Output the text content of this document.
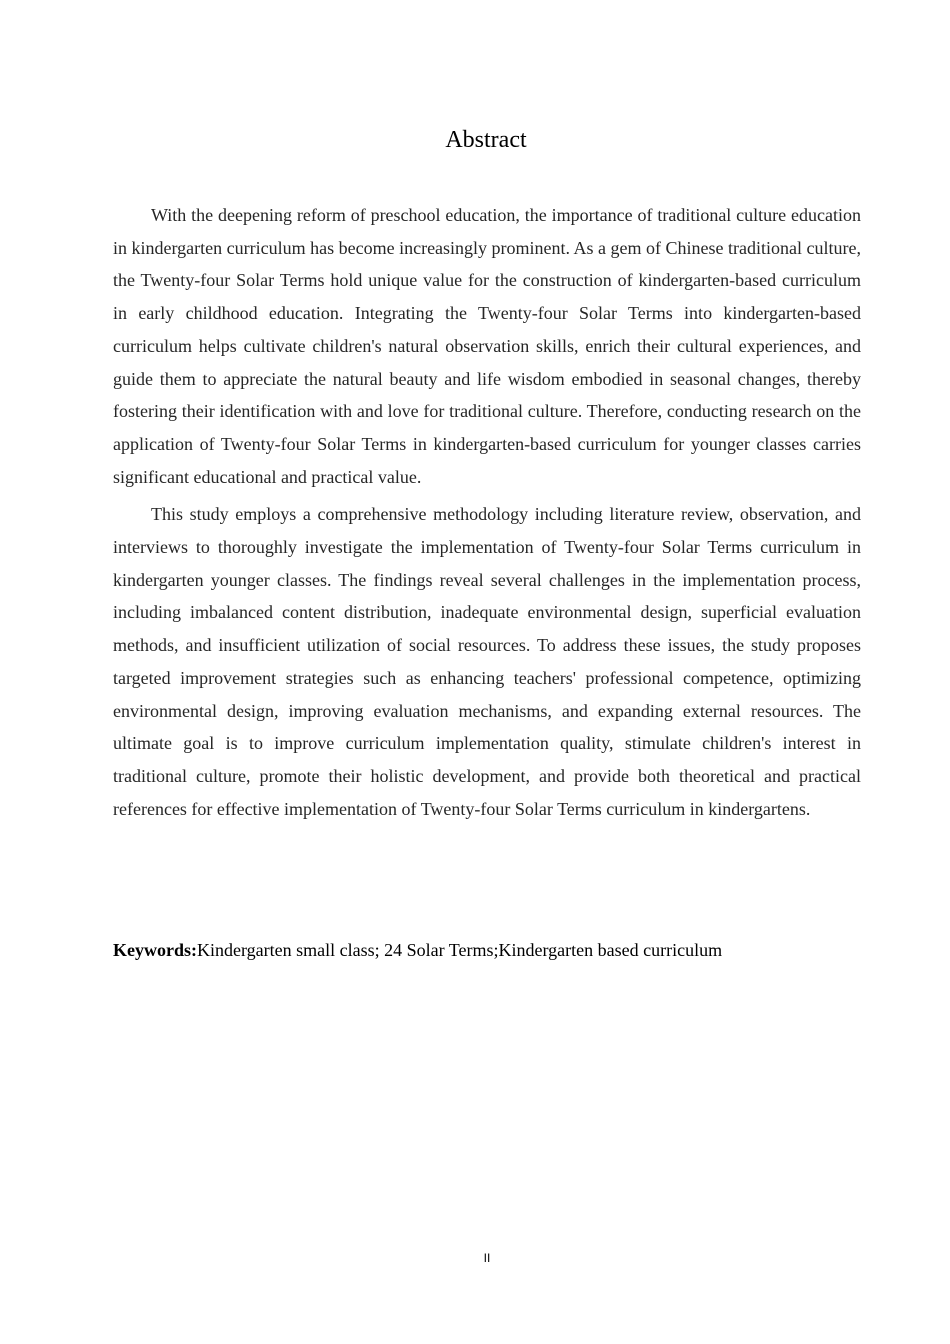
Abstract

With the deepening reform of preschool education, the importance of traditional culture education in kindergarten curriculum has become increasingly prominent. As a gem of Chinese traditional culture, the Twenty-four Solar Terms hold unique value for the construction of kindergarten-based curriculum in early childhood education. Integrating the Twenty-four Solar Terms into kindergarten-based curriculum helps cultivate children's natural observation skills, enrich their cultural experiences, and guide them to appreciate the natural beauty and life wisdom embodied in seasonal changes, thereby fostering their identification with and love for traditional culture. Therefore, conducting research on the application of Twenty-four Solar Terms in kindergarten-based curriculum for younger classes carries significant educational and practical value.

This study employs a comprehensive methodology including literature review, observation, and interviews to thoroughly investigate the implementation of Twenty-four Solar Terms curriculum in kindergarten younger classes. The findings reveal several challenges in the implementation process, including imbalanced content distribution, inadequate environmental design, superficial evaluation methods, and insufficient utilization of social resources. To address these issues, the study proposes targeted improvement strategies such as enhancing teachers' professional competence, optimizing environmental design, improving evaluation mechanisms, and expanding external resources. The ultimate goal is to improve curriculum implementation quality, stimulate children's interest in traditional culture, promote their holistic development, and provide both theoretical and practical references for effective implementation of Twenty-four Solar Terms curriculum in kindergartens.

Keywords:Kindergarten small class; 24 Solar Terms;Kindergarten based curriculum

II
